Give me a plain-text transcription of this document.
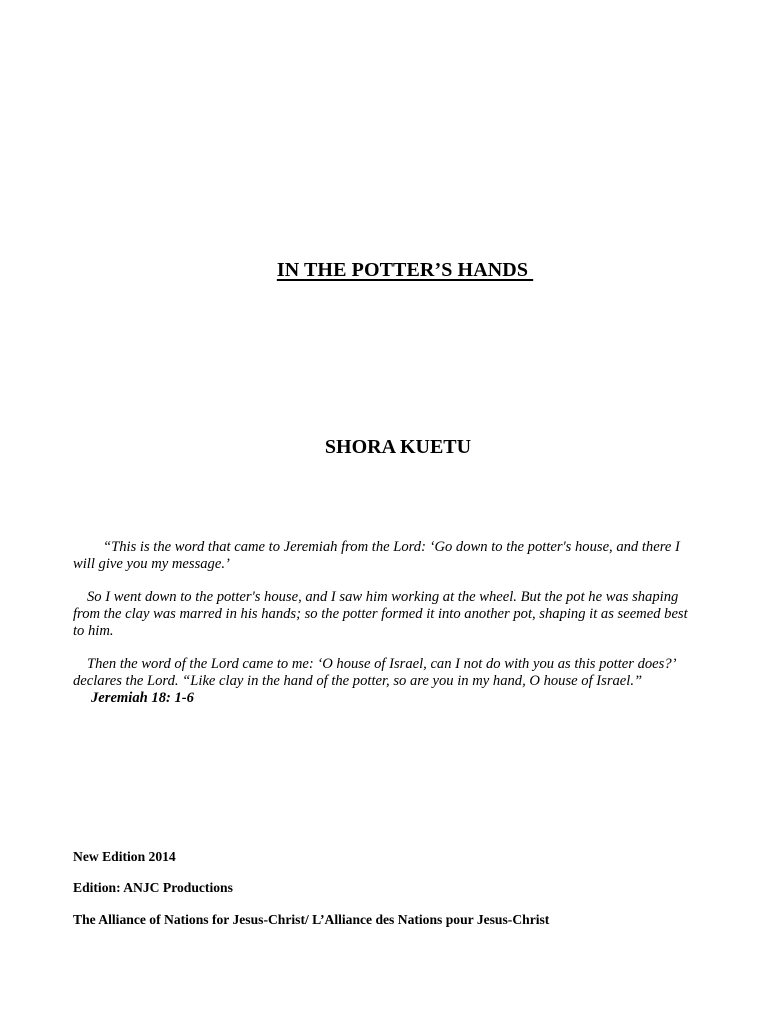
IN THE POTTER’S HANDS
SHORA KUETU

“This is the word that came to Jeremiah from the Lord: ‘Go down to the potter's house, and there I will give you my message.’

So I went down to the potter's house, and I saw him working at the wheel. But the pot he was shaping from the clay was marred in his hands; so the potter formed it into another pot, shaping it as seemed best to him.

Then the word of the Lord came to me: ‘O house of Israel, can I not do with you as this potter does?’ declares the Lord. “Like clay in the hand of the potter, so are you in my hand, O house of Israel.”

Jeremiah 18: 1-6
New Edition 2014
Edition: ANJC Productions
The Alliance of Nations for Jesus-Christ/ L’Alliance des Nations pour Jesus-Christ
